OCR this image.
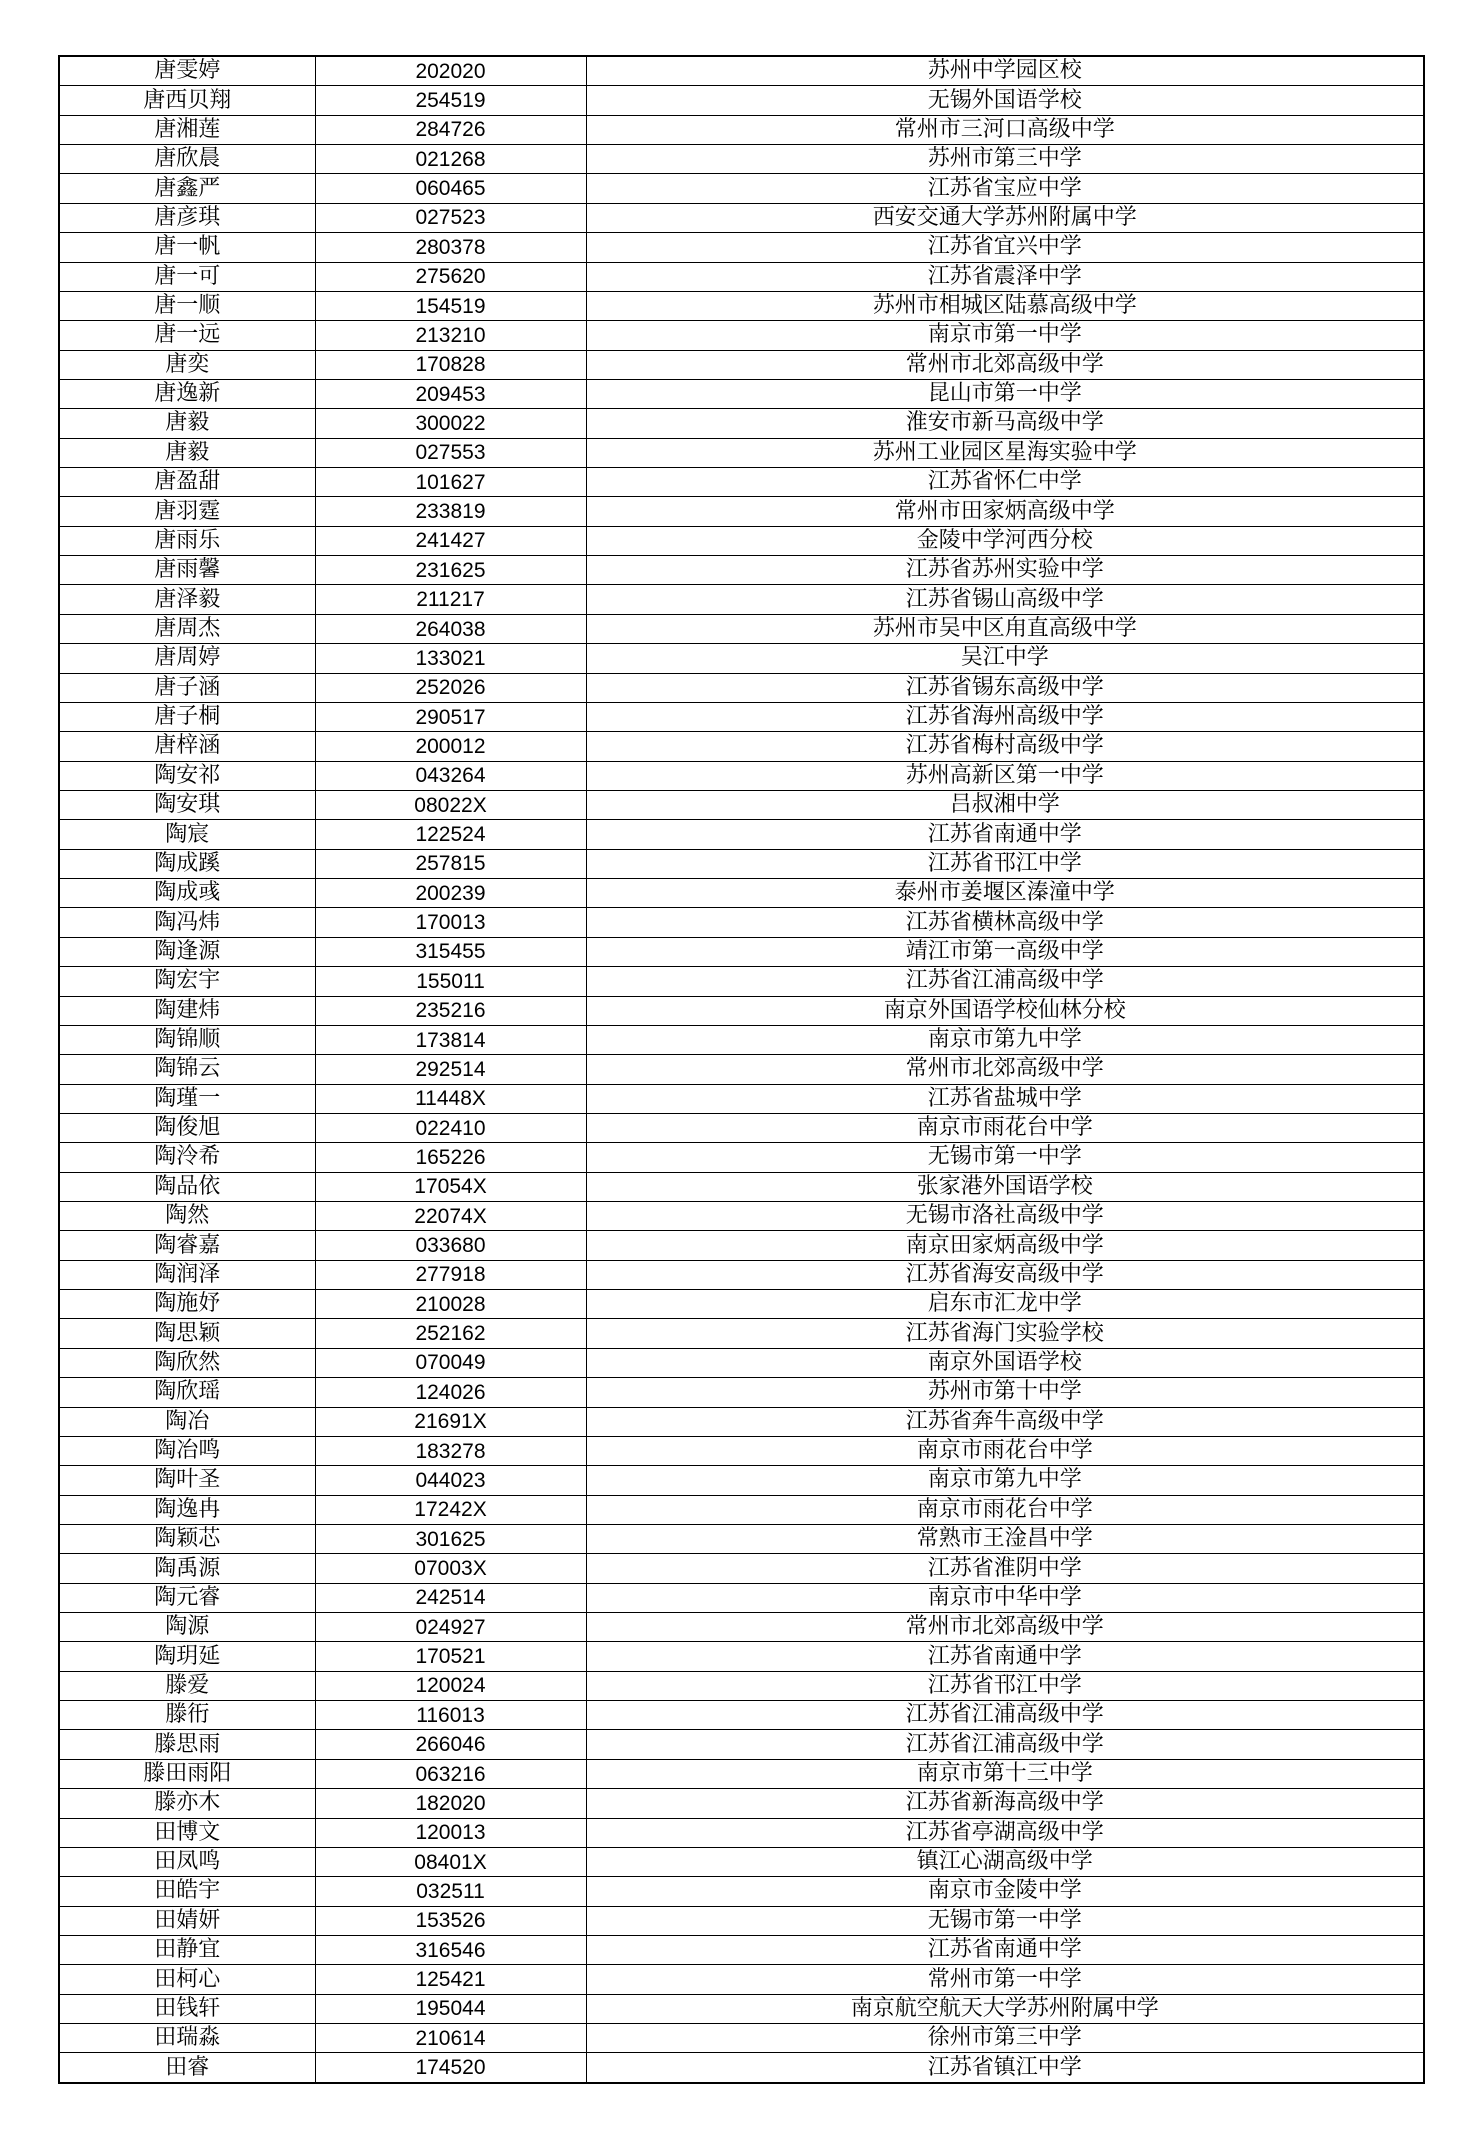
唐雯婷	202020	苏州中学园区校
唐西贝翔	254519	无锡外国语学校
唐湘莲	284726	常州市三河口高级中学
唐欣晨	021268	苏州市第三中学
唐鑫严	060465	江苏省宝应中学
唐彦琪	027523	西安交通大学苏州附属中学
唐一帆	280378	江苏省宜兴中学
唐一可	275620	江苏省震泽中学
唐一顺	154519	苏州市相城区陆慕高级中学
唐一远	213210	南京市第一中学
唐奕	170828	常州市北郊高级中学
唐逸新	209453	昆山市第一中学
唐毅	300022	淮安市新马高级中学
唐毅	027553	苏州工业园区星海实验中学
唐盈甜	101627	江苏省怀仁中学
唐羽霆	233819	常州市田家炳高级中学
唐雨乐	241427	金陵中学河西分校
唐雨馨	231625	江苏省苏州实验中学
唐泽毅	211217	江苏省锡山高级中学
唐周杰	264038	苏州市吴中区甪直高级中学
唐周婷	133021	吴江中学
唐子涵	252026	江苏省锡东高级中学
唐子桐	290517	江苏省海州高级中学
唐梓涵	200012	江苏省梅村高级中学
陶安祁	043264	苏州高新区第一中学
陶安琪	08022X	吕叔湘中学
陶宸	122524	江苏省南通中学
陶成蹊	257815	江苏省邗江中学
陶成彧	200239	泰州市姜堰区溱潼中学
陶冯炜	170013	江苏省横林高级中学
陶逢源	315455	靖江市第一高级中学
陶宏宇	155011	江苏省江浦高级中学
陶建炜	235216	南京外国语学校仙林分校
陶锦顺	173814	南京市第九中学
陶锦云	292514	常州市北郊高级中学
陶瑾一	11448X	江苏省盐城中学
陶俊旭	022410	南京市雨花台中学
陶泠希	165226	无锡市第一中学
陶品依	17054X	张家港外国语学校
陶然	22074X	无锡市洛社高级中学
陶睿嘉	033680	南京田家炳高级中学
陶润泽	277918	江苏省海安高级中学
陶施妤	210028	启东市汇龙中学
陶思颖	252162	江苏省海门实验学校
陶欣然	070049	南京外国语学校
陶欣瑶	124026	苏州市第十中学
陶冶	21691X	江苏省奔牛高级中学
陶冶鸣	183278	南京市雨花台中学
陶叶圣	044023	南京市第九中学
陶逸冉	17242X	南京市雨花台中学
陶颖芯	301625	常熟市王淦昌中学
陶禹源	07003X	江苏省淮阴中学
陶元睿	242514	南京市中华中学
陶源	024927	常州市北郊高级中学
陶玥延	170521	江苏省南通中学
滕爱	120024	江苏省邗江中学
滕衎	116013	江苏省江浦高级中学
滕思雨	266046	江苏省江浦高级中学
滕田雨阳	063216	南京市第十三中学
滕亦木	182020	江苏省新海高级中学
田博文	120013	江苏省亭湖高级中学
田凤鸣	08401X	镇江心湖高级中学
田皓宇	032511	南京市金陵中学
田婧妍	153526	无锡市第一中学
田静宜	316546	江苏省南通中学
田柯心	125421	常州市第一中学
田钱轩	195044	南京航空航天大学苏州附属中学
田瑞淼	210614	徐州市第三中学
田睿	174520	江苏省镇江中学
